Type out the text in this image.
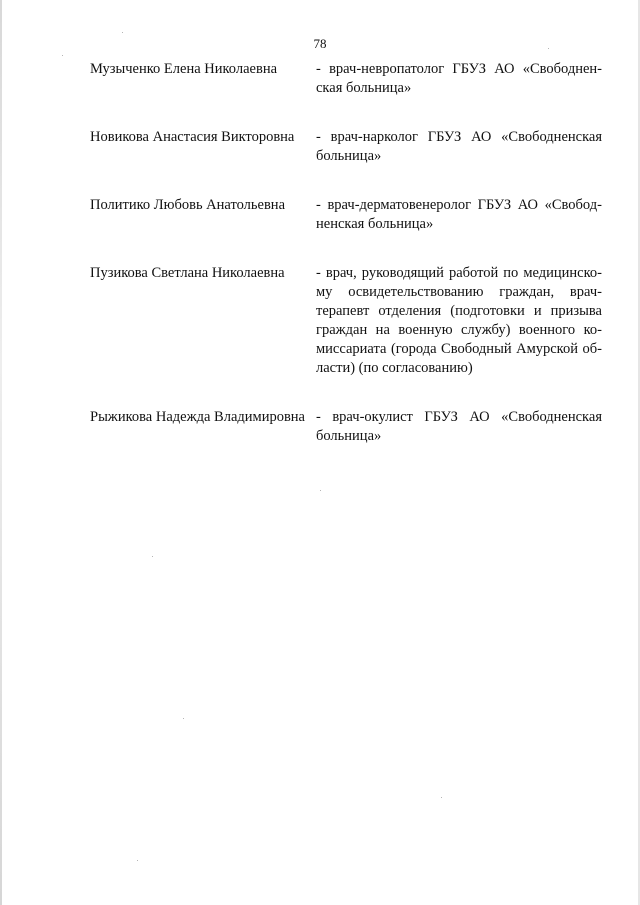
78
Музыченко Елена Николаевна	- врач-невропатолог ГБУЗ АО «Свободненская больница»
Новикова Анастасия Викторовна	- врач-нарколог ГБУЗ АО «Свободненская больница»
Политико Любовь Анатольевна	- врач-дерматовенеролог ГБУЗ АО «Свободненская больница»
Пузикова Светлана Николаевна	- врач, руководящий работой по медицинскому освидетельствованию граждан, врач-терапевт отделения (подготовки и призыва граждан на военную службу) военного комиссариата (города Свободный Амурской области) (по согласованию)
Рыжикова Надежда Владимировна - врач-окулист ГБУЗ АО «Свободненская больница»
